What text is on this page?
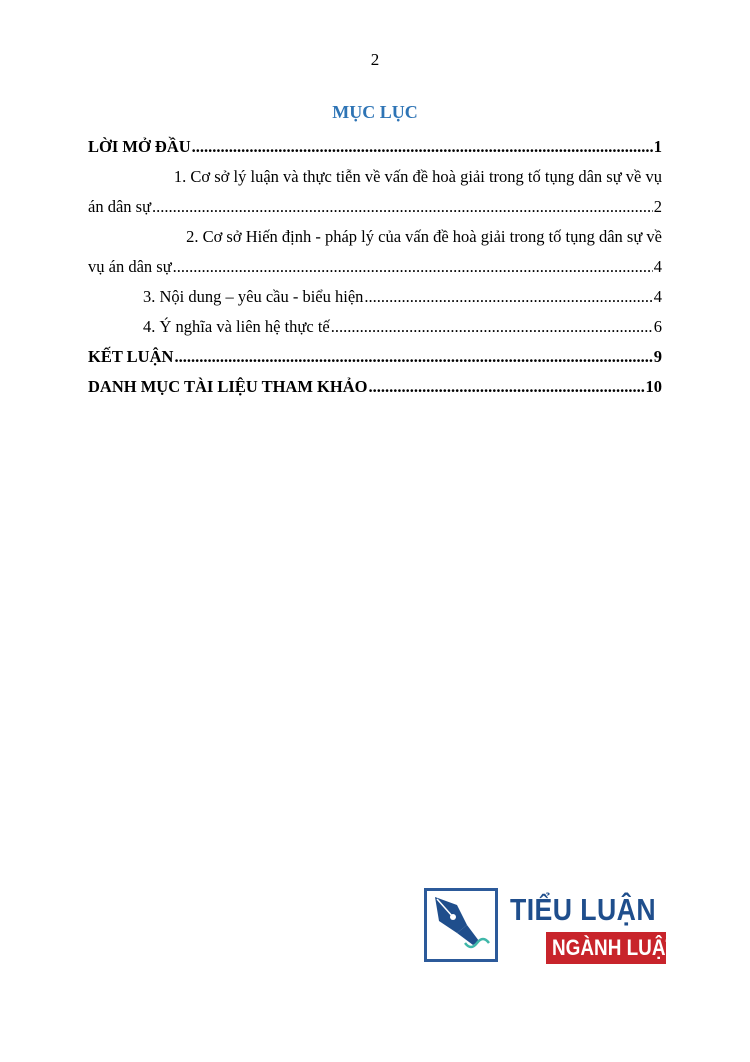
2
MỤC LỤC
LỜI MỞ ĐẦU .....	1
1. Cơ sở lý luận và thực tiễn về vấn đề hoà giải trong tố tụng dân sự về vụ
án dân sự .....	2
2. Cơ sở Hiến định - pháp lý của vấn đề hoà giải trong tố tụng dân sự về
vụ án dân sự .....	4
3. Nội dung – yêu cầu - biểu hiện .....	4
4. Ý nghĩa và liên hệ thực tế .....	6
KẾT LUẬN .....	9
DANH MỤC TÀI LIỆU THAM KHẢO .....	10
TIỂU LUẬN
NGÀNH LUẬT
